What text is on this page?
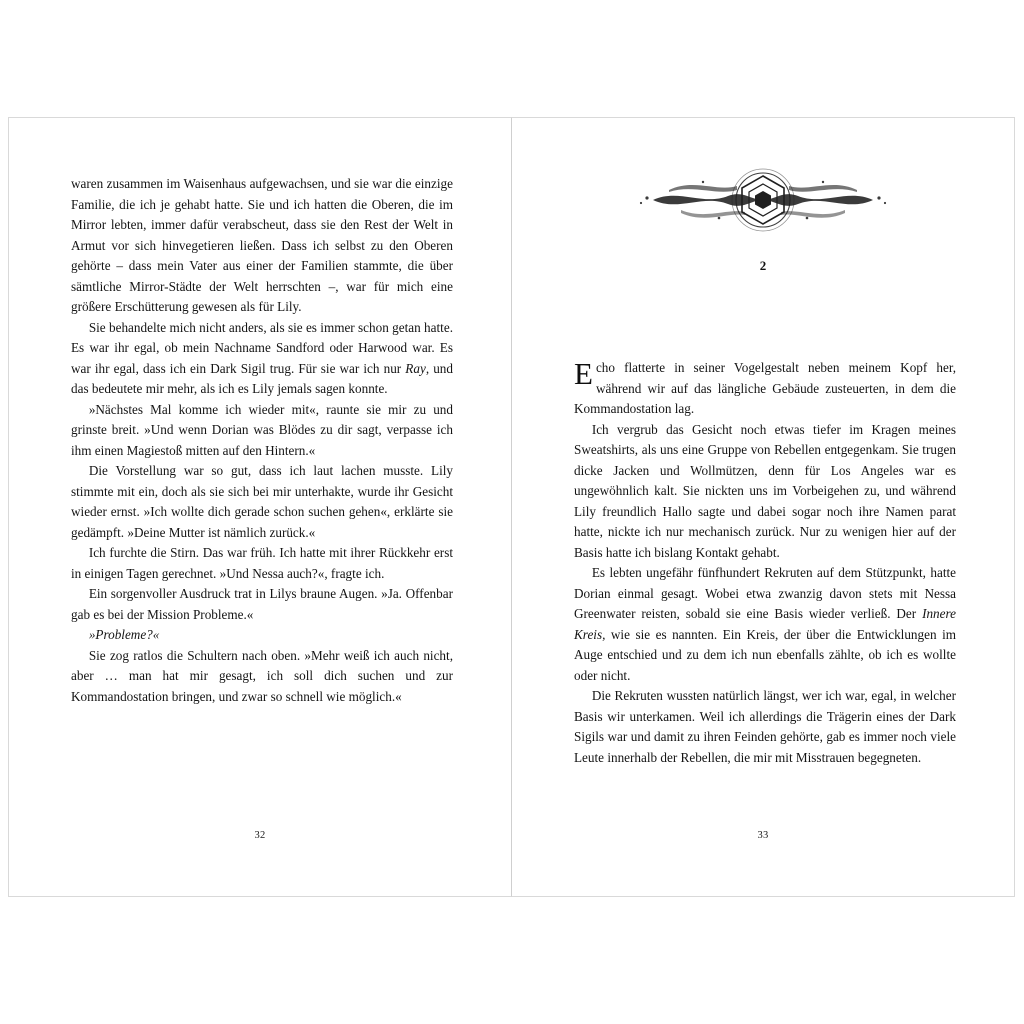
waren zusammen im Waisenhaus aufgewachsen, und sie war die einzige Familie, die ich je gehabt hatte. Sie und ich hatten die Oberen, die im Mirror lebten, immer dafür verabscheut, dass sie den Rest der Welt in Armut vor sich hinvegetieren ließen. Dass ich selbst zu den Oberen gehörte – dass mein Vater aus einer der Familien stammte, die über sämtliche Mirror-Städte der Welt herrschten –, war für mich eine größere Erschütterung gewesen als für Lily.

Sie behandelte mich nicht anders, als sie es immer schon getan hatte. Es war ihr egal, ob mein Nachname Sandford oder Harwood war. Es war ihr egal, dass ich ein Dark Sigil trug. Für sie war ich nur Ray, und das bedeutete mir mehr, als ich es Lily jemals sagen konnte.

»Nächstes Mal komme ich wieder mit«, raunte sie mir zu und grinste breit. »Und wenn Dorian was Blödes zu dir sagt, verpasse ich ihm einen Magiestoß mitten auf den Hintern.«

Die Vorstellung war so gut, dass ich laut lachen musste. Lily stimmte mit ein, doch als sie sich bei mir unterhakte, wurde ihr Gesicht wieder ernst. »Ich wollte dich gerade schon suchen gehen«, erklärte sie gedämpft. »Deine Mutter ist nämlich zurück.«

Ich furchte die Stirn. Das war früh. Ich hatte mit ihrer Rückkehr erst in einigen Tagen gerechnet. »Und Nessa auch?«, fragte ich.

Ein sorgenvoller Ausdruck trat in Lilys braune Augen. »Ja. Offenbar gab es bei der Mission Probleme.«

»Probleme?«

Sie zog ratlos die Schultern nach oben. »Mehr weiß ich auch nicht, aber … man hat mir gesagt, ich soll dich suchen und zur Kommandostation bringen, und zwar so schnell wie möglich.«

32
2

Echo flatterte in seiner Vogelgestalt neben meinem Kopf her, während wir auf das längliche Gebäude zusteuerten, in dem die Kommandostation lag.

Ich vergrub das Gesicht noch etwas tiefer im Kragen meines Sweatshirts, als uns eine Gruppe von Rebellen entgegenkam. Sie trugen dicke Jacken und Wollmützen, denn für Los Angeles war es ungewöhnlich kalt. Sie nickten uns im Vorbeigehen zu, und während Lily freundlich Hallo sagte und dabei sogar noch ihre Namen parat hatte, nickte ich nur mechanisch zurück. Nur zu wenigen hier auf der Basis hatte ich bislang Kontakt gehabt.

Es lebten ungefähr fünfhundert Rekruten auf dem Stützpunkt, hatte Dorian einmal gesagt. Wobei etwa zwanzig davon stets mit Nessa Greenwater reisten, sobald sie eine Basis wieder verließ. Der Innere Kreis, wie sie es nannten. Ein Kreis, der über die Entwicklungen im Auge entschied und zu dem ich nun ebenfalls zählte, ob ich es wollte oder nicht.

Die Rekruten wussten natürlich längst, wer ich war, egal, in welcher Basis wir unterkamen. Weil ich allerdings die Trägerin eines der Dark Sigils war und damit zu ihren Feinden gehörte, gab es immer noch viele Leute innerhalb der Rebellen, die mir mit Misstrauen begegneten.

33
